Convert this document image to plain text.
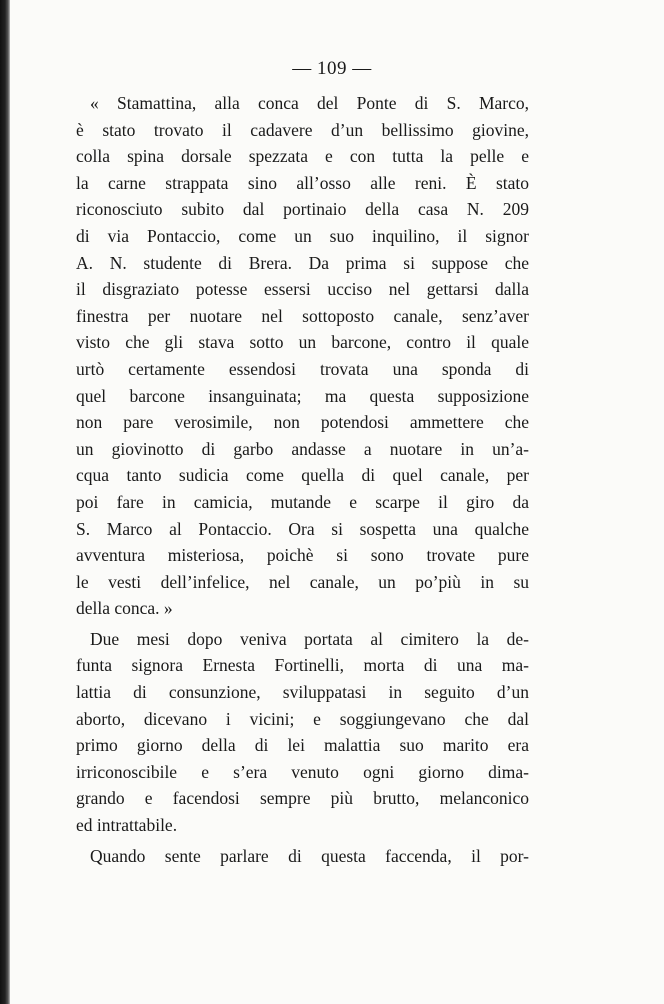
— 109 —
« Stamattina, alla conca del Ponte di S. Marco,
è stato trovato il cadavere d’un bellissimo giovine,
colla spina dorsale spezzata e con tutta la pelle e
la carne strappata sino all’osso alle reni. È stato
riconosciuto subito dal portinaio della casa N. 209
di via Pontaccio, come un suo inquilino, il signor
A. N. studente di Brera. Da prima si suppose che
il disgraziato potesse essersi ucciso nel gettarsi dalla
finestra per nuotare nel sottoposto canale, senz’aver
visto che gli stava sotto un barcone, contro il quale
urtò certamente essendosi trovata una sponda di
quel barcone insanguinata; ma questa supposizione
non pare verosimile, non potendosi ammettere che
un giovinotto di garbo andasse a nuotare in un’a-
cqua tanto sudicia come quella di quel canale, per
poi fare in camicia, mutande e scarpe il giro da
S. Marco al Pontaccio. Ora si sospetta una qualche
avventura misteriosa, poichè si sono trovate pure
le vesti dell’infelice, nel canale, un po’più in su
della conca. »
Due mesi dopo veniva portata al cimitero la de-
funta signora Ernesta Fortinelli, morta di una ma-
lattia di consunzione, sviluppatasi in seguito d’un
aborto, dicevano i vicini; e soggiungevano che dal
primo giorno della di lei malattia suo marito era
irriconoscibile e s’era venuto ogni giorno dima-
grando e facendosi sempre più brutto, melanconico
ed intrattabile.
Quando sente parlare di questa faccenda, il por-
